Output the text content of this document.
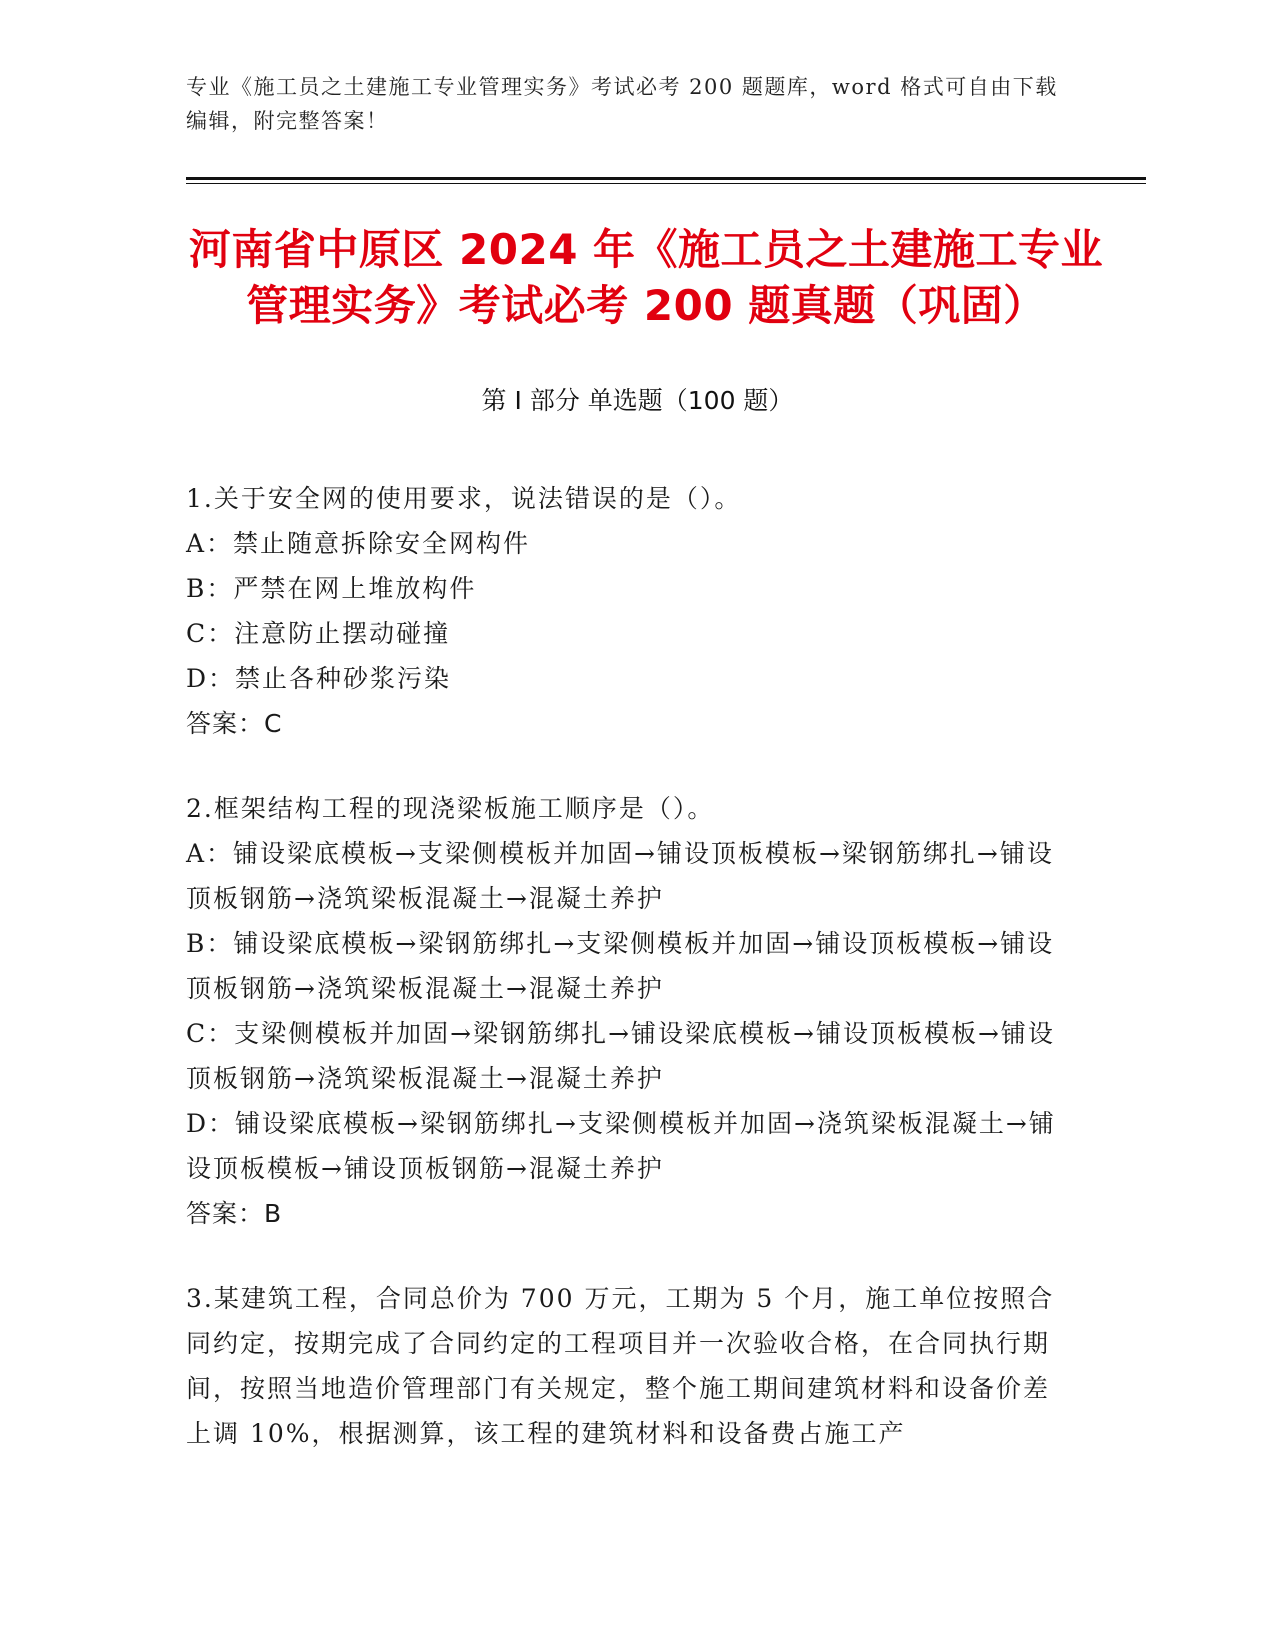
专业《施工员之土建施工专业管理实务》考试必考 200 题题库，word 格式可自由下载编辑，附完整答案！
河南省中原区 2024 年《施工员之土建施工专业管理实务》考试必考 200 题真题（巩固）
第 I 部分 单选题（100 题）
1.关于安全网的使用要求，说法错误的是（）。
A：禁止随意拆除安全网构件
B：严禁在网上堆放构件
C：注意防止摆动碰撞
D：禁止各种砂浆污染
答案：C
2.框架结构工程的现浇梁板施工顺序是（）。
A：铺设梁底模板→支梁侧模板并加固→铺设顶板模板→梁钢筋绑扎→铺设顶板钢筋→浇筑梁板混凝土→混凝土养护
B：铺设梁底模板→梁钢筋绑扎→支梁侧模板并加固→铺设顶板模板→铺设顶板钢筋→浇筑梁板混凝土→混凝土养护
C：支梁侧模板并加固→梁钢筋绑扎→铺设梁底模板→铺设顶板模板→铺设顶板钢筋→浇筑梁板混凝土→混凝土养护
D：铺设梁底模板→梁钢筋绑扎→支梁侧模板并加固→浇筑梁板混凝土→铺设顶板模板→铺设顶板钢筋→混凝土养护
答案：B
3.某建筑工程，合同总价为 700 万元，工期为 5 个月，施工单位按照合同约定，按期完成了合同约定的工程项目并一次验收合格，在合同执行期间，按照当地造价管理部门有关规定，整个施工期间建筑材料和设备价差上调 10%，根据测算，该工程的建筑材料和设备费占施工产
